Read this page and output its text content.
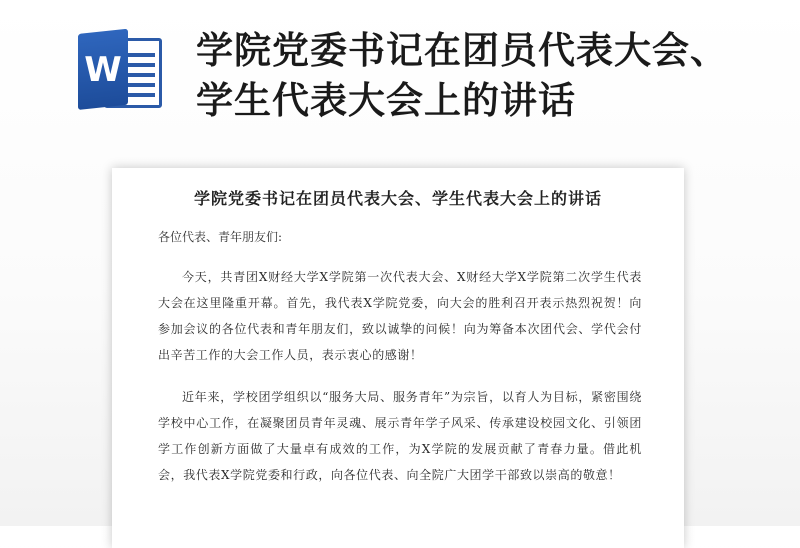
W 学院党委书记在团员代表大会、学生代表大会上的讲话
学院党委书记在团员代表大会、学生代表大会上的讲话

各位代表、青年朋友们:

今天，共青团X财经大学X学院第一次代表大会、X财经大学X学院第二次学生代表大会在这里隆重开幕。首先，我代表X学院党委，向大会的胜利召开表示热烈祝贺！向参加会议的各位代表和青年朋友们，致以诚挚的问候！向为筹备本次团代会、学代会付出辛苦工作的大会工作人员，表示衷心的感谢！

近年来，学校团学组织以“服务大局、服务青年”为宗旨，以育人为目标，紧密围绕学校中心工作，在凝聚团员青年灵魂、展示青年学子风采、传承建设校园文化、引领团学工作创新方面做了大量卓有成效的工作，为X学院的发展贡献了青春力量。借此机会，我代表X学院党委和行政，向各位代表、向全院广大团学干部致以崇高的敬意！
